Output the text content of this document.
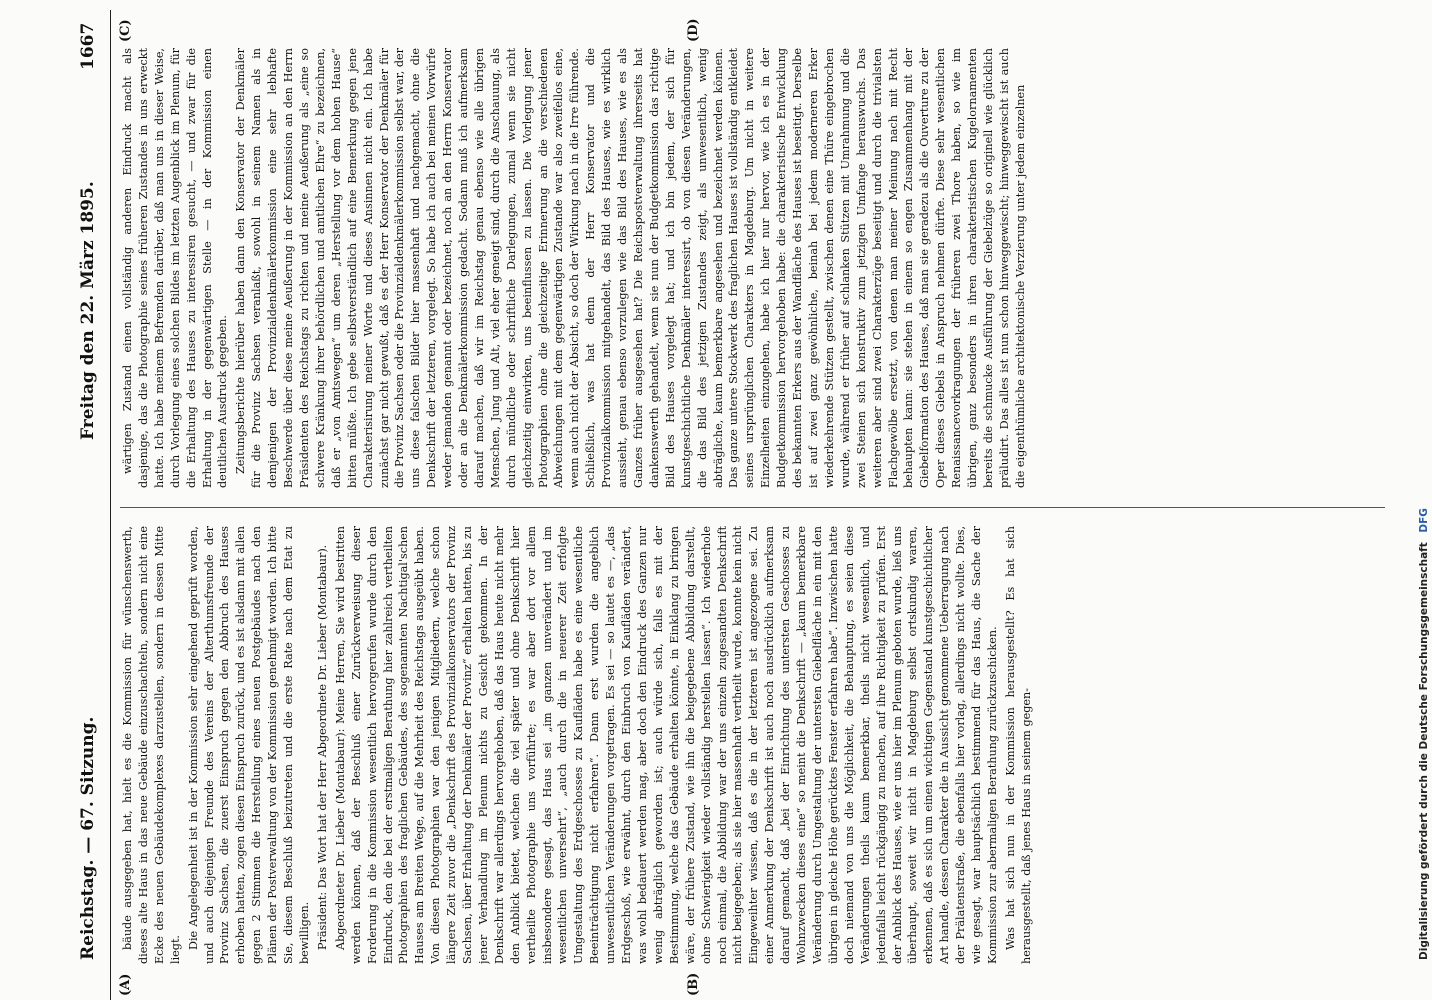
Reichstag. — 67. Sitzung.
Freitag den 22. März 1895.
1667
(A)	(B)
(C)	(D)

bäude ausgegeben hat, hielt es die Kommission für wünschenswerth, dieses alte Haus in das neue Gebäude einzuschachteln, sondern nicht eine Ecke des neuen Gebäudekomplexes darzustellen, sondern in dessen Mitte liegt. Die Angelegenheit ist in der Kommission sehr eingehend geprüft worden, und auch diejenigen Freunde des Vereins der Alterthumsfreunde der Provinz Sachsen, die zuerst Einspruch gegen den Abbruch des Hauses erhoben hatten, zogen diesen Einspruch zurück, und es ist alsdann mit allen gegen 2 Stimmen die Herstellung eines neuen Postgebäudes nach den Plänen der Postverwaltung von der Kommission genehmigt worden. Ich bitte Sie, diesem Beschluß beizutreten und die erste Rate nach dem Etat zu bewilligen. Präsident: Das Wort hat der Herr Abgeordnete Dr. Lieber (Montabaur). Abgeordneter Dr. Lieber (Montabaur): Meine Herren, Sie wird bestritten werden können, daß der Beschluß einer Zurückverweisung dieser Forderung in die Kommission wesentlich hervorgerufen wurde durch den Eindruck, den die bei der erstmaligen Berathung hier zahlreich vertheilten Photographien des fraglichen Gebäudes, des sogenannten Nachtigal'schen Hauses am Breiten Wege, auf die Mehrheit des Reichstags ausgeübt haben. Von diesen Photographien war den jenigen Mitgliedern, welche schon längere Zeit zuvor die „Denkschrift des Provinzialkonservators der Provinz Sachsen, über Erhaltung der Denkmäler der Provinz“ erhalten hatten, bis zu jener Verhandlung im Plenum nichts zu Gesicht gekommen. In der Denkschrift war allerdings hervorgehoben, daß das Haus heute nicht mehr den Anblick bietet, welchen die viel später und ohne Denkschrift hier vertheilte Photographie uns vorführte; es war aber dort vor allem insbesondere gesagt, das Haus sei „im ganzen unverändert und im wesentlichen unversehrt“, „auch durch die in neuerer Zeit erfolgte Umgestaltung des Erdgeschosses zu Kaufläden habe es eine wesentliche Beeinträchtigung nicht erfahren“. Dann erst wurden die angeblich unwesentlichen Veränderungen vorgetragen. Es sei — so lautet es —, „das Erdgeschoß, wie erwähnt, durch den Einbruch von Kaufläden verändert, was wohl bedauert werden mag, aber doch den Eindruck des Ganzen nur wenig abträglich geworden ist; auch würde sich, falls es mit der Bestimmung, welche das Gebäude erhalten könnte, in Einklang zu bringen wäre, der frühere Zustand, wie ihn die beigegebene Abbildung darstellt, ohne Schwierigkeit wieder vollständig herstellen lassen“. Ich wiederhole noch einmal, die Abbildung war der uns einzeln zugesandten Denkschrift nicht beigegeben; als sie hier massenhaft vertheilt wurde, konnte kein nicht Eingeweihter wissen, daß es die in der letzteren ist angezogene sei. Zu einer Anmerkung der Denkschrift ist auch noch ausdrücklich aufmerksam darauf gemacht, daß „bei der Einrichtung des untersten Geschosses zu Wohnzwecken dieses eine“ so meint die Denkschrift — „kaum bemerkbare Veränderung durch Umgestaltung der untersten Giebelfläche in ein mit den übrigen in gleiche Höhe gerücktes Fenster erfahren habe“. Inzwischen hatte doch niemand von uns die Möglichkeit, die Behauptung, es seien diese Veränderungen theils kaum bemerkbar, theils nicht wesentlich, und jedenfalls leicht rückgängig zu machen, auf ihre Richtigkeit zu prüfen. Erst der Anblick des Hauses, wie er uns hier im Plenum geboten wurde, ließ uns überhaupt, soweit wir nicht in Magdeburg selbst ortskundig waren, erkennen, daß es sich um einen wichtigen Gegenstand kunstgeschichtlicher Art handle, dessen Charakter die in Aussicht genommene Ueberragung nach der Prälatenstraße, die ebenfalls hier vorlag, allerdings nicht wollte. Dies, wie gesagt, war hauptsächlich bestimmend für das Haus, die Sache der Kommission zur abermaligen Berathung zurückzuschicken. Was hat sich nun in der Kommission herausgestellt? Es hat sich herausgestellt, daß jenes Haus in seinem gegen-

wärtigen Zustand einen vollständig anderen Eindruck macht als dasjenige, das die Photographie seines früheren Zustandes in uns erweckt hatte. Ich habe meinem Befremden darüber, daß man uns in dieser Weise, durch Vorlegung eines solchen Bildes im letzten Augenblick im Plenum, für die Erhaltung des Hauses zu interessiren gesucht, — und zwar für die Erhaltung in der gegenwärtigen Stelle — in der Kommission einen deutlichen Ausdruck gegeben. Zeitungsberichte hierüber haben dann den Konservator der Denkmäler für die Provinz Sachsen veranlaßt, sowohl in seinem Namen als in demjenigen der Provinzialdenkmälerkommission eine sehr lebhafte Beschwerde über diese meine Aeußerung in der Kommission an den Herrn Präsidenten des Reichstags zu richten und meine Aeußerung als „eine so schwere Kränkung ihrer behördlichen und amtlichen Ehre“ zu bezeichnen, daß er „von Amtswegen“ um deren „Herstellung vor dem hohen Hause“ bitten müßte. Ich gebe selbstverständlich auf eine Bemerkung gegen jene Charakterisirung meiner Worte und dieses Ansinnen nicht ein. Ich habe zunächst gar nicht gewußt, daß es der Herr Konservator der Denkmäler für die Provinz Sachsen oder die Provinzialdenkmälerkommission selbst war, der uns diese falschen Bilder hier massenhaft und nachgemacht, ohne die Denkschrift der letzteren, vorgelegt. So habe ich auch bei meinen Vorwürfe weder jemanden genannt oder bezeichnet, noch an den Herrn Konservator oder an die Denkmälerkommission gedacht. Sodann muß ich aufmerksam darauf machen, daß wir im Reichstag genau ebenso wie alle übrigen Menschen, Jung und Alt, viel eher geneigt sind, durch die Anschauung, als durch mündliche oder schriftliche Darlegungen, zumal wenn sie nicht gleichzeitig einwirken, uns beeinflussen zu lassen. Die Vorlegung jener Photographien ohne die gleichzeitige Erinnerung an die verschiedenen Abweichungen mit dem gegenwärtigen Zustande war also zweifellos eine, wenn auch nicht der Absicht, so doch der Wirkung nach in die Irre führende. Schließlich, was hat denn der Herr Konservator und die Provinzialkommission mitgehandelt, das Bild des Hauses, wie es wirklich aussieht, genau ebenso vorzulegen wie das Bild des Hauses, wie es als Ganzes früher ausgesehen hat? Die Reichspostverwaltung ihrerseits hat dankenswerth gehandelt, wenn sie nun der Budgetkommission das richtige Bild des Hauses vorgelegt hat; und ich bin jedem, der sich für kunstgeschichtliche Denkmäler interessirt, ob von diesen Veränderungen, die das Bild des jetzigen Zustandes zeigt, als unwesentlich, wenig abträgliche, kaum bemerkbare angesehen und bezeichnet werden können. Das ganze untere Stockwerk des fraglichen Hauses ist vollständig entkleidet seines ursprünglichen Charakters in Magdeburg. Um nicht in weitere Einzelheiten einzugehen, habe ich hier nur hervor, wie ich es in der Budgetkommission hervorgehoben habe: die charakteristische Entwicklung des bekannten Erkers aus der Wandfläche des Hauses ist beseitigt. Derselbe ist auf zwei ganz gewöhnliche, beinah bei jedem moderneren Erker wiederkehrende Stützen gestellt, zwischen denen eine Thüre eingebrochen wurde, während er früher auf schlanken Stützen mit Umrahmung und die zwei Steinen sich konstruktiv zum jetzigen Umfange herauswuchs. Das weiteren aber sind zwei Charakterzüge beseitigt und durch die trivialsten Flachgewölbe ersetzt, von denen man meiner Meinung nach mit Recht behaupten kann: sie stehen in einem so engen Zusammenhang mit der Giebelformation des Hauses, daß man sie geradezu als die Ouverture zu der Oper dieses Giebels in Anspruch nehmen dürfte. Diese sehr wesentlichen Renaissancevorkragungen der früheren zwei Thore haben, so wie im übrigen, ganz besonders in ihren charakteristischen Kugelornamenten bereits die schmucke Ausführung der Giebelzüge so originell wie glücklich präludirt. Das alles ist nun schon hinweggewischt; hinweggewischt ist auch die eigenthümliche architektonische Verzierung unter jedem einzelnen

Digitalisierung gefördert durch die Deutsche Forschungsgemeinschaft DFG
